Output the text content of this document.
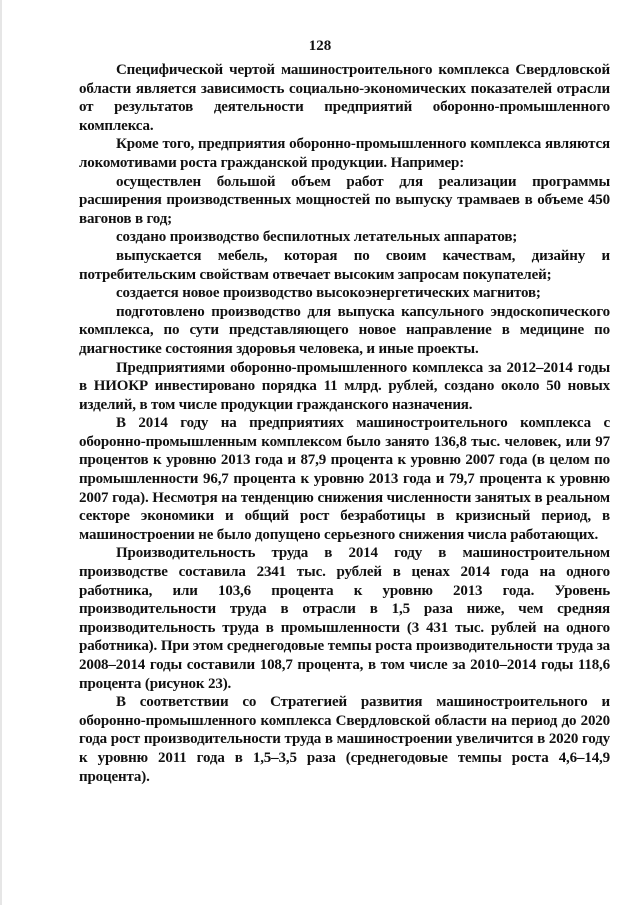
128

Специфической чертой машиностроительного комплекса Свердловской области является зависимость социально-экономических показателей отрасли от результатов деятельности предприятий оборонно-промышленного комплекса.

Кроме того, предприятия оборонно-промышленного комплекса являются локомотивами роста гражданской продукции. Например:

осуществлен большой объем работ для реализации программы расширения производственных мощностей по выпуску трамваев в объеме 450 вагонов в год;

создано производство беспилотных летательных аппаратов;

выпускается мебель, которая по своим качествам, дизайну и потребительским свойствам отвечает высоким запросам покупателей;

создается новое производство высокоэнергетических магнитов;

подготовлено производство для выпуска капсульного эндоскопического комплекса, по сути представляющего новое направление в медицине по диагностике состояния здоровья человека, и иные проекты.

Предприятиями оборонно-промышленного комплекса за 2012–2014 годы в НИОКР инвестировано порядка 11 млрд. рублей, создано около 50 новых изделий, в том числе продукции гражданского назначения.

В 2014 году на предприятиях машиностроительного комплекса с оборонно-промышленным комплексом было занято 136,8 тыс. человек, или 97 процентов к уровню 2013 года и 87,9 процента к уровню 2007 года (в целом по промышленности 96,7 процента к уровню 2013 года и 79,7 процента к уровню 2007 года). Несмотря на тенденцию снижения численности занятых в реальном секторе экономики и общий рост безработицы в кризисный период, в машиностроении не было допущено серьезного снижения числа работающих.

Производительность труда в 2014 году в машиностроительном производстве составила 2341 тыс. рублей в ценах 2014 года на одного работника, или 103,6 процента к уровню 2013 года. Уровень производительности труда в отрасли в 1,5 раза ниже, чем средняя производительность труда в промышленности (3 431 тыс. рублей на одного работника). При этом среднегодовые темпы роста производительности труда за 2008–2014 годы составили 108,7 процента, в том числе за 2010–2014 годы 118,6 процента (рисунок 23).

В соответствии со Стратегией развития машиностроительного и оборонно-промышленного комплекса Свердловской области на период до 2020 года рост производительности труда в машиностроении увеличится в 2020 году к уровню 2011 года в 1,5–3,5 раза (среднегодовые темпы роста 4,6–14,9 процента).
